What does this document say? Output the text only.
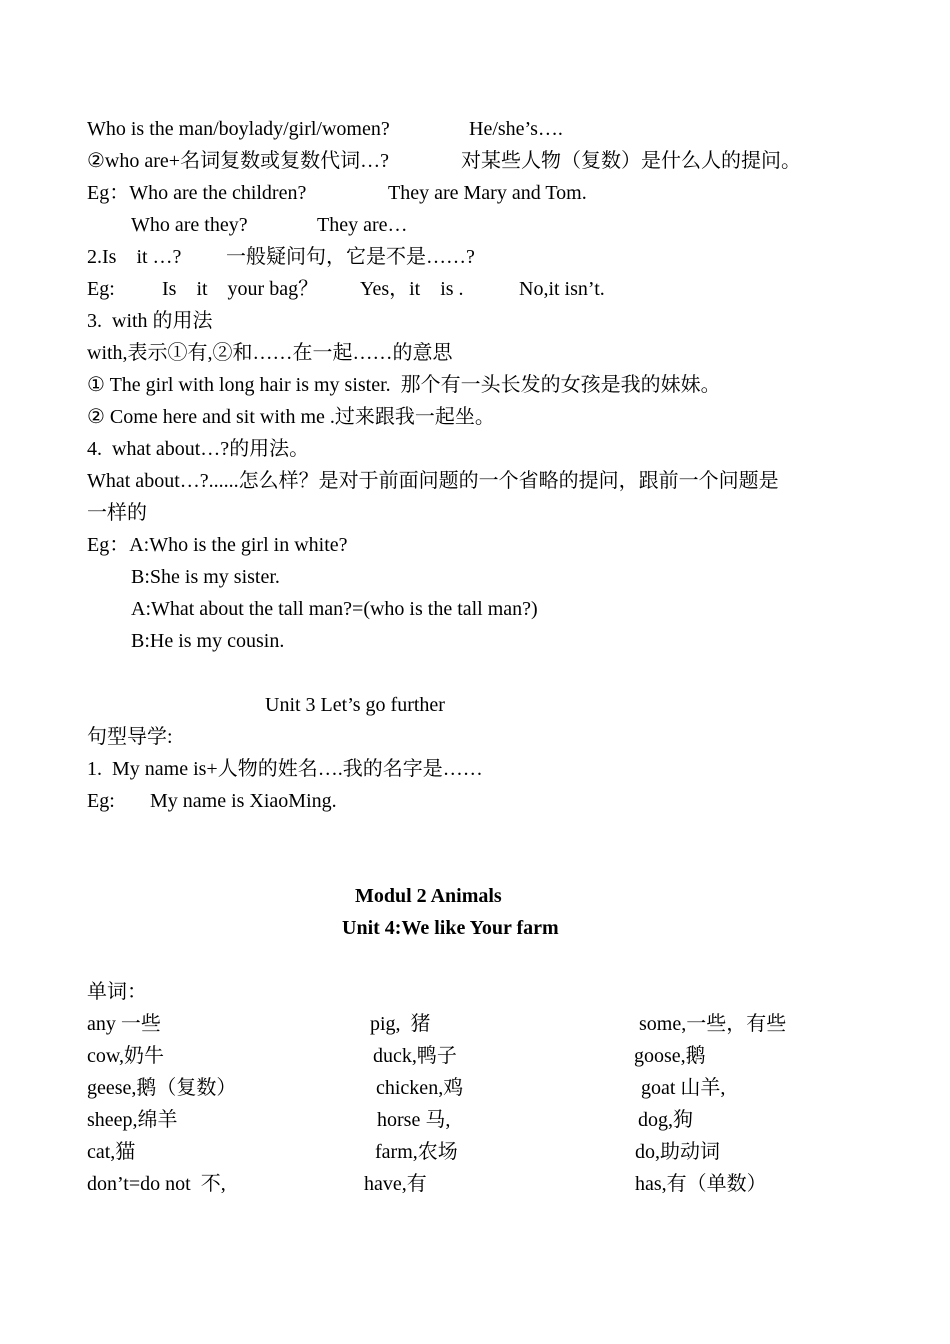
Who is the man/boylady/girl/women?	He/she’s….
②who are+名词复数或复数代词…?	对某些人物（复数）是什么人的提问。
Eg：Who are the children?	They are Mary and Tom.
Who are they?	They are…
2.Is    it …? 一般疑问句，它是不是……?
Eg: Is    it    your bag？ Yes，it    is .	No,it isn’t.
3.  with 的用法
with,表示①有,②和……在一起……的意思
① The girl with long hair is my sister.  那个有一头长发的女孩是我的妹妹。
② Come here and sit with me .过来跟我一起坐。
4.  what about…?的用法。
What about…?......怎么样？是对于前面问题的一个省略的提问，跟前一个问题是
一样的
Eg：A:Who is the girl in white?
B:She is my sister.
A:What about the tall man?=(who is the tall man?)
B:He is my cousin.
Unit 3 Let’s go further
句型导学:
1.  My name is+人物的姓名….我的名字是……
Eg: My name is XiaoMing.
Modul 2 Animals
Unit 4:We like Your farm
单词：
any 一些	pig,  猪	some,一些，有些
cow,奶牛	duck,鸭子	goose,鹅
geese,鹅（复数）	chicken,鸡	goat 山羊,
sheep,绵羊	horse 马,	dog,狗
cat,猫	farm,农场	do,助动词
don’t=do not  不,	have,有	has,有（单数）
